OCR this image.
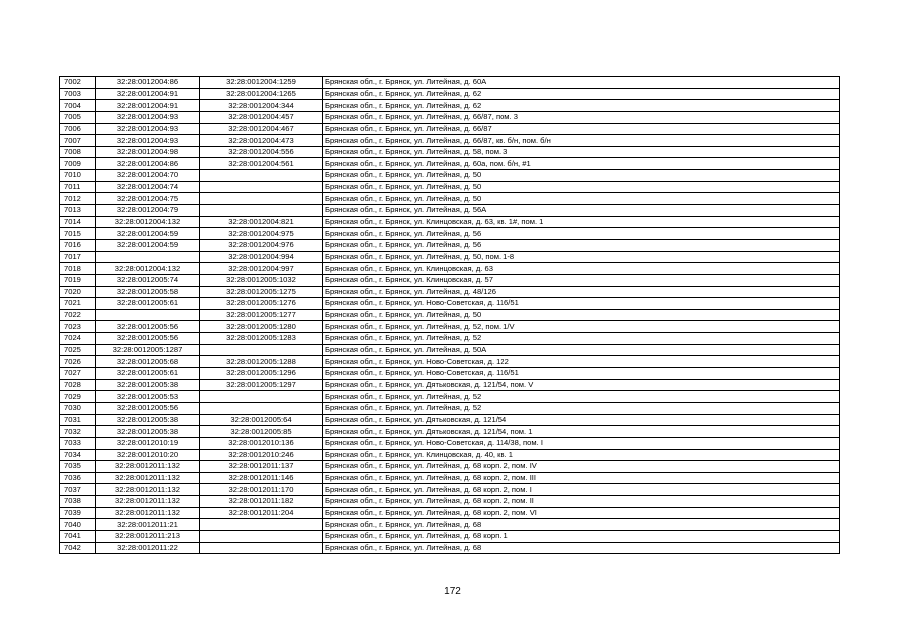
7002	32:28:0012004:86	32:28:0012004:1259	Брянская обл., г. Брянск, ул. Литейная, д. 60А
7003	32:28:0012004:91	32:28:0012004:1265	Брянская обл., г. Брянск, ул. Литейная, д. 62
7004	32:28:0012004:91	32:28:0012004:344	Брянская обл., г. Брянск, ул. Литейная, д. 62
7005	32:28:0012004:93	32:28:0012004:457	Брянская обл., г. Брянск, ул. Литейная, д. 66/87, пом. 3
7006	32:28:0012004:93	32:28:0012004:467	Брянская обл., г. Брянск, ул. Литейная, д. 66/87
7007	32:28:0012004:93	32:28:0012004:473	Брянская обл., г. Брянск, ул. Литейная, д. 66/87, кв. б/н, пом. б/н
7008	32:28:0012004:98	32:28:0012004:556	Брянская обл., г. Брянск, ул. Литейная, д. 58, пом. 3
7009	32:28:0012004:86	32:28:0012004:561	Брянская обл., г. Брянск, ул. Литейная, д. 60а, пом. б/н, #1
7010	32:28:0012004:70		Брянская обл., г. Брянск, ул. Литейная, д. 50
7011	32:28:0012004:74		Брянская обл., г. Брянск, ул. Литейная, д. 50
7012	32:28:0012004:75		Брянская обл., г. Брянск, ул. Литейная, д. 50
7013	32:28:0012004:79		Брянская обл., г. Брянск, ул. Литейная, д. 56А
7014	32:28:0012004:132	32:28:0012004:821	Брянская обл., г. Брянск, ул. Клинцовская, д. 63, кв. 1#, пом. 1
7015	32:28:0012004:59	32:28:0012004:975	Брянская обл., г. Брянск, ул. Литейная, д. 56
7016	32:28:0012004:59	32:28:0012004:976	Брянская обл., г. Брянск, ул. Литейная, д. 56
7017		32:28:0012004:994	Брянская обл., г. Брянск, ул. Литейная, д. 50, пом. 1-8
7018	32:28:0012004:132	32:28:0012004:997	Брянская обл., г. Брянск, ул. Клинцовская, д. 63
7019	32:28:0012005:74	32:28:0012005:1032	Брянская обл., г. Брянск, ул. Клинцовская, д. 57
7020	32:28:0012005:58	32:28:0012005:1275	Брянская обл., г. Брянск, ул. Литейная, д. 48/126
7021	32:28:0012005:61	32:28:0012005:1276	Брянская обл., г. Брянск, ул. Ново-Советская, д. 116/51
7022		32:28:0012005:1277	Брянская обл., г. Брянск, ул. Литейная, д. 50
7023	32:28:0012005:56	32:28:0012005:1280	Брянская обл., г. Брянск, ул. Литейная, д. 52, пом. 1/V
7024	32:28:0012005:56	32:28:0012005:1283	Брянская обл., г. Брянск, ул. Литейная, д. 52
7025	32:28:0012005:1287		Брянская обл., г. Брянск, ул. Литейная, д. 50А
7026	32:28:0012005:68	32:28:0012005:1288	Брянская обл., г. Брянск, ул. Ново-Советская, д. 122
7027	32:28:0012005:61	32:28:0012005:1296	Брянская обл., г. Брянск, ул. Ново-Советская, д. 116/51
7028	32:28:0012005:38	32:28:0012005:1297	Брянская обл., г. Брянск, ул. Дятьковская, д. 121/54, пом. V
7029	32:28:0012005:53		Брянская обл., г. Брянск, ул. Литейная, д. 52
7030	32:28:0012005:56		Брянская обл., г. Брянск, ул. Литейная, д. 52
7031	32:28:0012005:38	32:28:0012005:64	Брянская обл., г. Брянск, ул. Дятьковская, д. 121/54
7032	32:28:0012005:38	32:28:0012005:85	Брянская обл., г. Брянск, ул. Дятьковская, д. 121/54, пом. 1
7033	32:28:0012010:19	32:28:0012010:136	Брянская обл., г. Брянск, ул. Ново-Советская, д. 114/38, пом. I
7034	32:28:0012010:20	32:28:0012010:246	Брянская обл., г. Брянск, ул. Клинцовская, д. 40, кв. 1
7035	32:28:0012011:132	32:28:0012011:137	Брянская обл., г. Брянск, ул. Литейная, д. 68 корп. 2, пом. IV
7036	32:28:0012011:132	32:28:0012011:146	Брянская обл., г. Брянск, ул. Литейная, д. 68 корп. 2, пом. III
7037	32:28:0012011:132	32:28:0012011:170	Брянская обл., г. Брянск, ул. Литейная, д. 68 корп. 2, пом. I
7038	32:28:0012011:132	32:28:0012011:182	Брянская обл., г. Брянск, ул. Литейная, д. 68 корп. 2, пом. II
7039	32:28:0012011:132	32:28:0012011:204	Брянская обл., г. Брянск, ул. Литейная, д. 68 корп. 2, пом. VI
7040	32:28:0012011:21		Брянская обл., г. Брянск, ул. Литейная, д. 68
7041	32:28:0012011:213		Брянская обл., г. Брянск, ул. Литейная, д. 68 корп. 1
7042	32:28:0012011:22		Брянская обл., г. Брянск, ул. Литейная, д. 68
172
